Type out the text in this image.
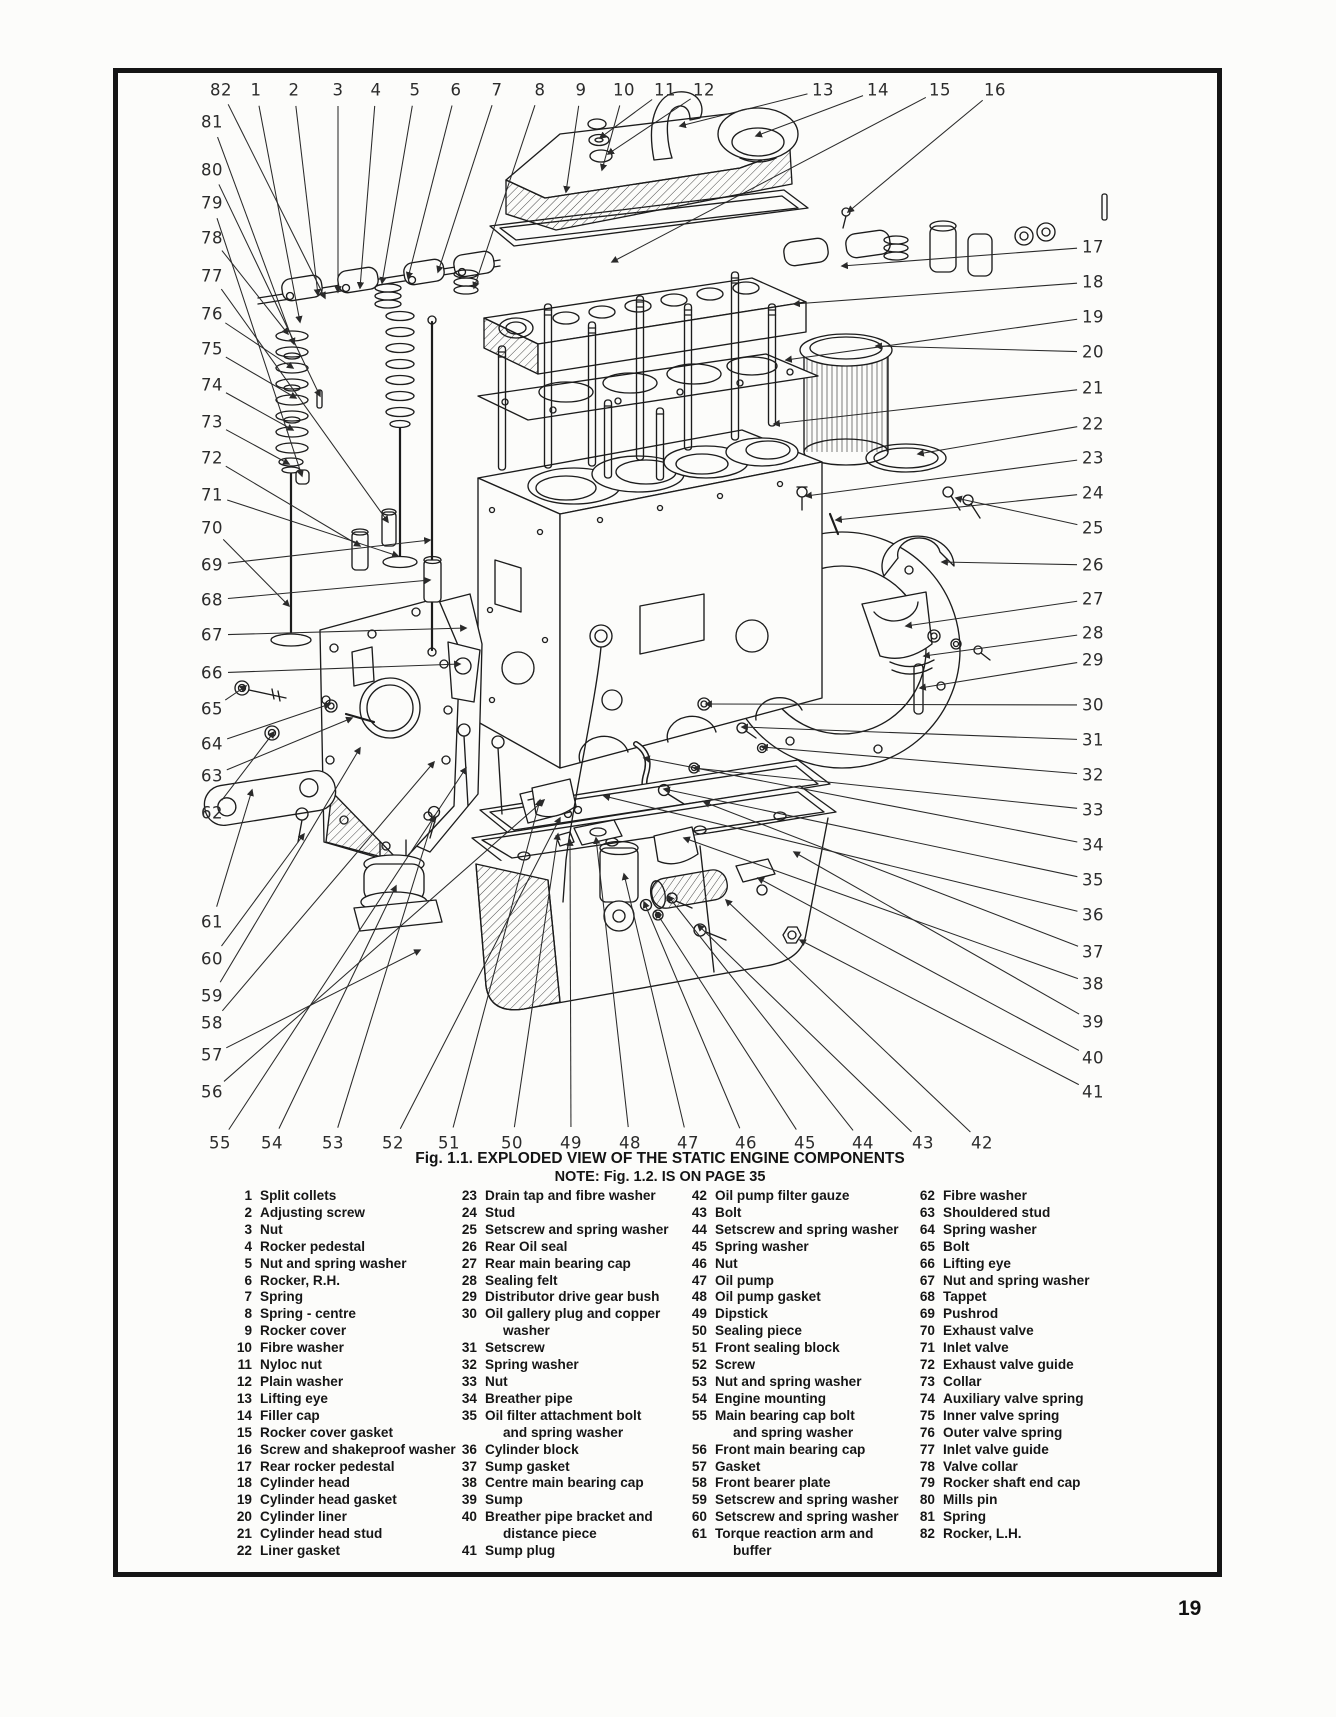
82 1 2 3 4 5 6 7 8 9 10 11 12	13 14 15 16
81
80
79
78
77
76
75
74
73
72
71
70
69
68
67
66
65
64
63
62
61
60
59
58
57
56
55 54 53 52 51 50 49 48 47 46 45 44 43 42
17
18
19
20
21
22
23
24
25
26
27
28
29
30
31
32
33
34
35
36
37
38
39
40
41
Fig. 1.1. EXPLODED VIEW OF THE STATIC ENGINE COMPONENTS
NOTE: Fig. 1.2. IS ON PAGE 35
1 Split collets
2 Adjusting screw
3 Nut
4 Rocker pedestal
5 Nut and spring washer
6 Rocker, R.H.
7 Spring
8 Spring - centre
9 Rocker cover
10 Fibre washer
11 Nyloc nut
12 Plain washer
13 Lifting eye
14 Filler cap
15 Rocker cover gasket
16 Screw and shakeproof washer
17 Rear rocker pedestal
18 Cylinder head
19 Cylinder head gasket
20 Cylinder liner
21 Cylinder head stud
22 Liner gasket
23 Drain tap and fibre washer
24 Stud
25 Setscrew and spring washer
26 Rear Oil seal
27 Rear main bearing cap
28 Sealing felt
29 Distributor drive gear bush
30 Oil gallery plug and copper
washer
31 Setscrew
32 Spring washer
33 Nut
34 Breather pipe
35 Oil filter attachment bolt
and spring washer
36 Cylinder block
37 Sump gasket
38 Centre main bearing cap
39 Sump
40 Breather pipe bracket and
distance piece
41 Sump plug
42 Oil pump filter gauze
43 Bolt
44 Setscrew and spring washer
45 Spring washer
46 Nut
47 Oil pump
48 Oil pump gasket
49 Dipstick
50 Sealing piece
51 Front sealing block
52 Screw
53 Nut and spring washer
54 Engine mounting
55 Main bearing cap bolt
and spring washer
56 Front main bearing cap
57 Gasket
58 Front bearer plate
59 Setscrew and spring washer
60 Setscrew and spring washer
61 Torque reaction arm and
buffer
62 Fibre washer
63 Shouldered stud
64 Spring washer
65 Bolt
66 Lifting eye
67 Nut and spring washer
68 Tappet
69 Pushrod
70 Exhaust valve
71 Inlet valve
72 Exhaust valve guide
73 Collar
74 Auxiliary valve spring
75 Inner valve spring
76 Outer valve spring
77 Inlet valve guide
78 Valve collar
79 Rocker shaft end cap
80 Mills pin
81 Spring
82 Rocker, L.H.
19
